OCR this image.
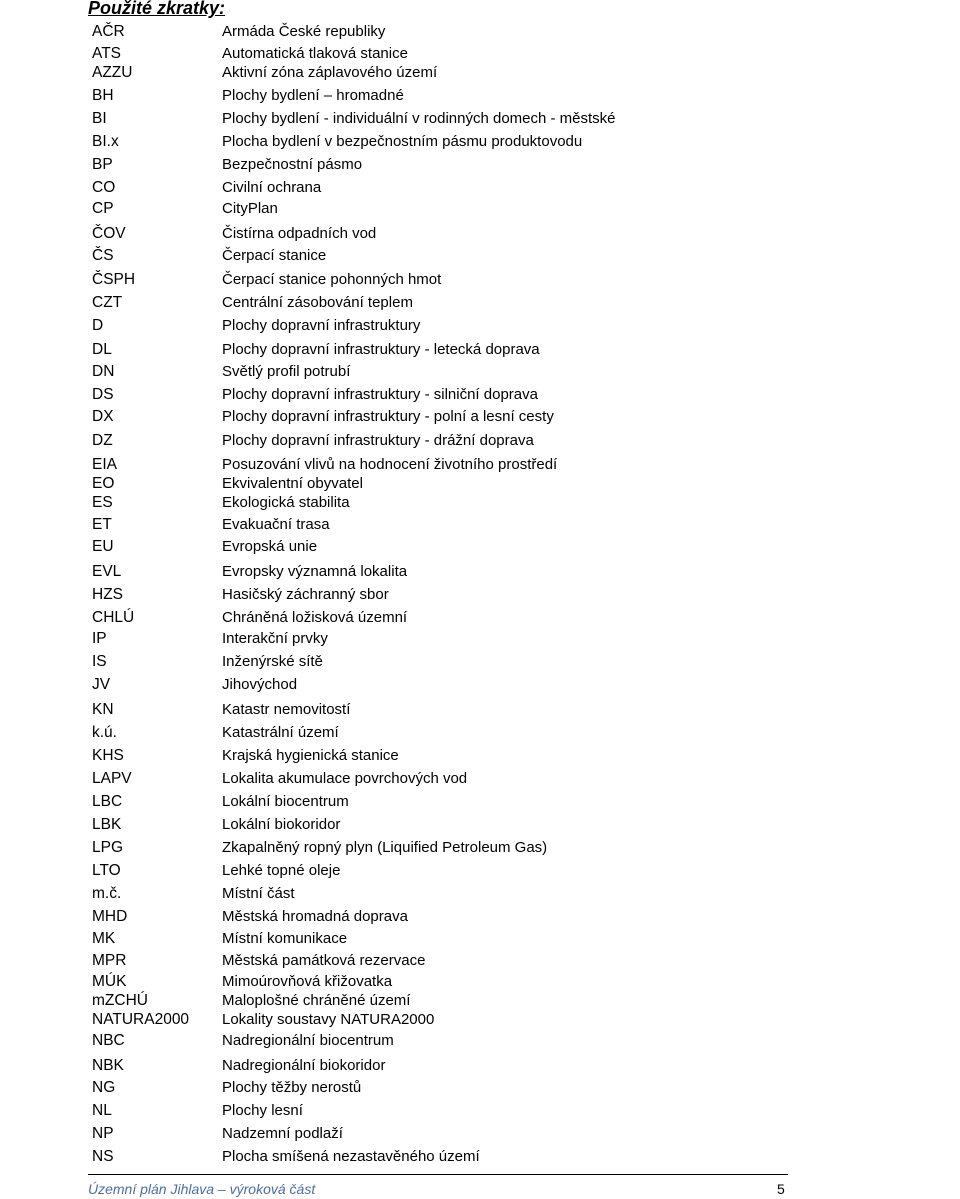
Použité zkratky:
AČR	Armáda České republiky
ATS	Automatická tlaková stanice
AZZU	Aktivní zóna záplavového území
BH	Plochy bydlení – hromadné
BI	Plochy bydlení - individuální v rodinných domech - městské
BI.x	Plocha bydlení v bezpečnostním pásmu produktovodu
BP	Bezpečnostní pásmo
CO	Civilní ochrana
CP	CityPlan
ČOV	Čistírna odpadních vod
ČS	Čerpací stanice
ČSPH	Čerpací stanice pohonných hmot
CZT	Centrální zásobování teplem
D	Plochy dopravní infrastruktury
DL	Plochy dopravní infrastruktury - letecká doprava
DN	Světlý profil potrubí
DS	Plochy dopravní infrastruktury - silniční doprava
DX	Plochy dopravní infrastruktury - polní a lesní cesty
DZ	Plochy dopravní infrastruktury - drážní doprava
EIA	Posuzování vlivů na hodnocení životního prostředí
EO	Ekvivalentní obyvatel
ES	Ekologická stabilita
ET	Evakuační trasa
EU	Evropská unie
EVL	Evropsky významná lokalita
HZS	Hasičský záchranný sbor
CHLÚ	Chráněná ložisková územní
IP	Interakční prvky
IS	Inženýrské sítě
JV	Jihovýchod
KN	Katastr nemovitostí
k.ú.	Katastrální území
KHS	Krajská hygienická stanice
LAPV	Lokalita akumulace povrchových vod
LBC	Lokální biocentrum
LBK	Lokální biokoridor
LPG	Zkapalněný ropný plyn (Liquified Petroleum Gas)
LTO	Lehké topné oleje
m.č.	Místní část
MHD	Městská hromadná doprava
MK	Místní komunikace
MPR	Městská památková rezervace
MÚK	Mimoúrovňová křižovatka
mZCHÚ	Maloplošné chráněné území
NATURA2000 Lokality soustavy NATURA2000
NBC	Nadregionální biocentrum
NBK	Nadregionální biokoridor
NG	Plochy těžby nerostů
NL	Plochy lesní
NP	Nadzemní podlaží
NS	Plocha smíšená nezastavěného území
Územní plán Jihlava – výroková část	5
